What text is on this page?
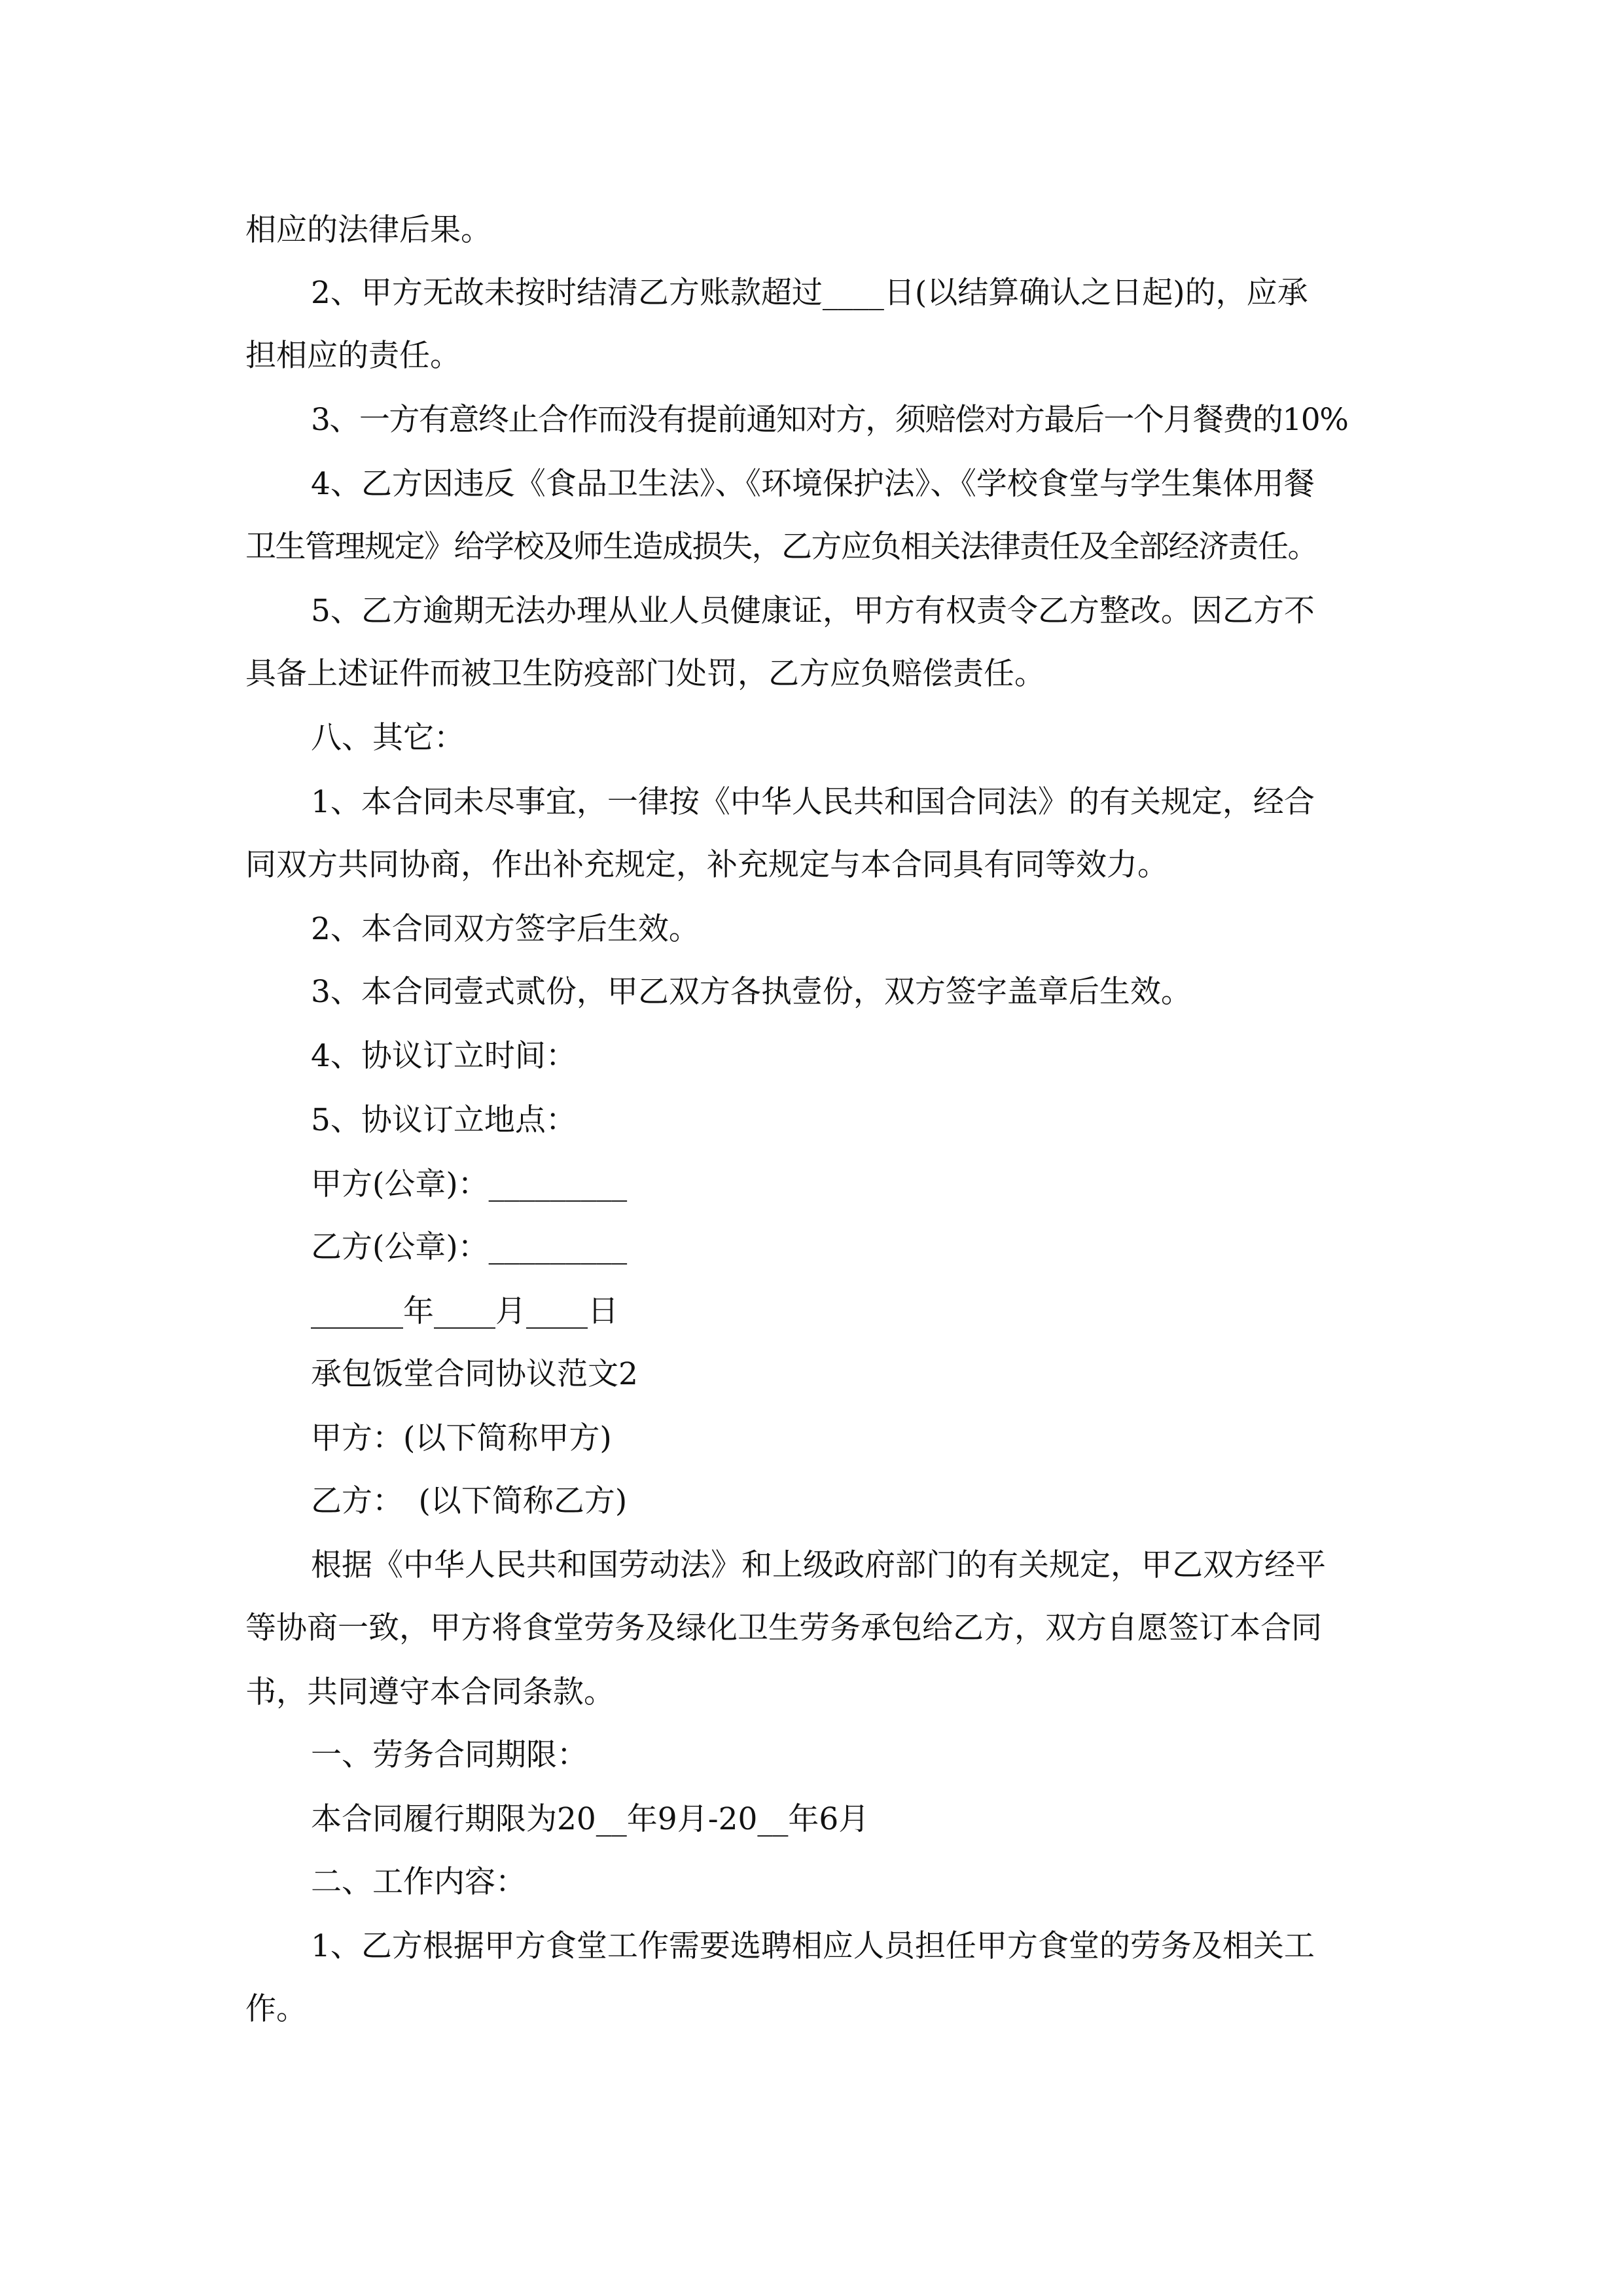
相应的法律后果。
2、甲方无故未按时结清乙方账款超过____日(以结算确认之日起)的，应承
担相应的责任。
3、一方有意终止合作而没有提前通知对方，须赔偿对方最后一个月餐费的10%
4、乙方因违反《食品卫生法》、《环境保护法》、《学校食堂与学生集体用餐
卫生管理规定》给学校及师生造成损失，乙方应负相关法律责任及全部经济责任。
5、乙方逾期无法办理从业人员健康证，甲方有权责令乙方整改。因乙方不
具备上述证件而被卫生防疫部门处罚，乙方应负赔偿责任。
八、其它：
1、本合同未尽事宜，一律按《中华人民共和国合同法》的有关规定，经合
同双方共同协商，作出补充规定，补充规定与本合同具有同等效力。
2、本合同双方签字后生效。
3、本合同壹式贰份，甲乙双方各执壹份，双方签字盖章后生效。
4、协议订立时间：
5、协议订立地点：
甲方(公章)：_________
乙方(公章)：_________
______年____月____日
承包饭堂合同协议范文2
甲方：(以下简称甲方)
乙方：　(以下简称乙方)
根据《中华人民共和国劳动法》和上级政府部门的有关规定，甲乙双方经平
等协商一致，甲方将食堂劳务及绿化卫生劳务承包给乙方，双方自愿签订本合同
书，共同遵守本合同条款。
一、劳务合同期限：
本合同履行期限为20__年9月-20__年6月
二、工作内容：
1、乙方根据甲方食堂工作需要选聘相应人员担任甲方食堂的劳务及相关工
作。
